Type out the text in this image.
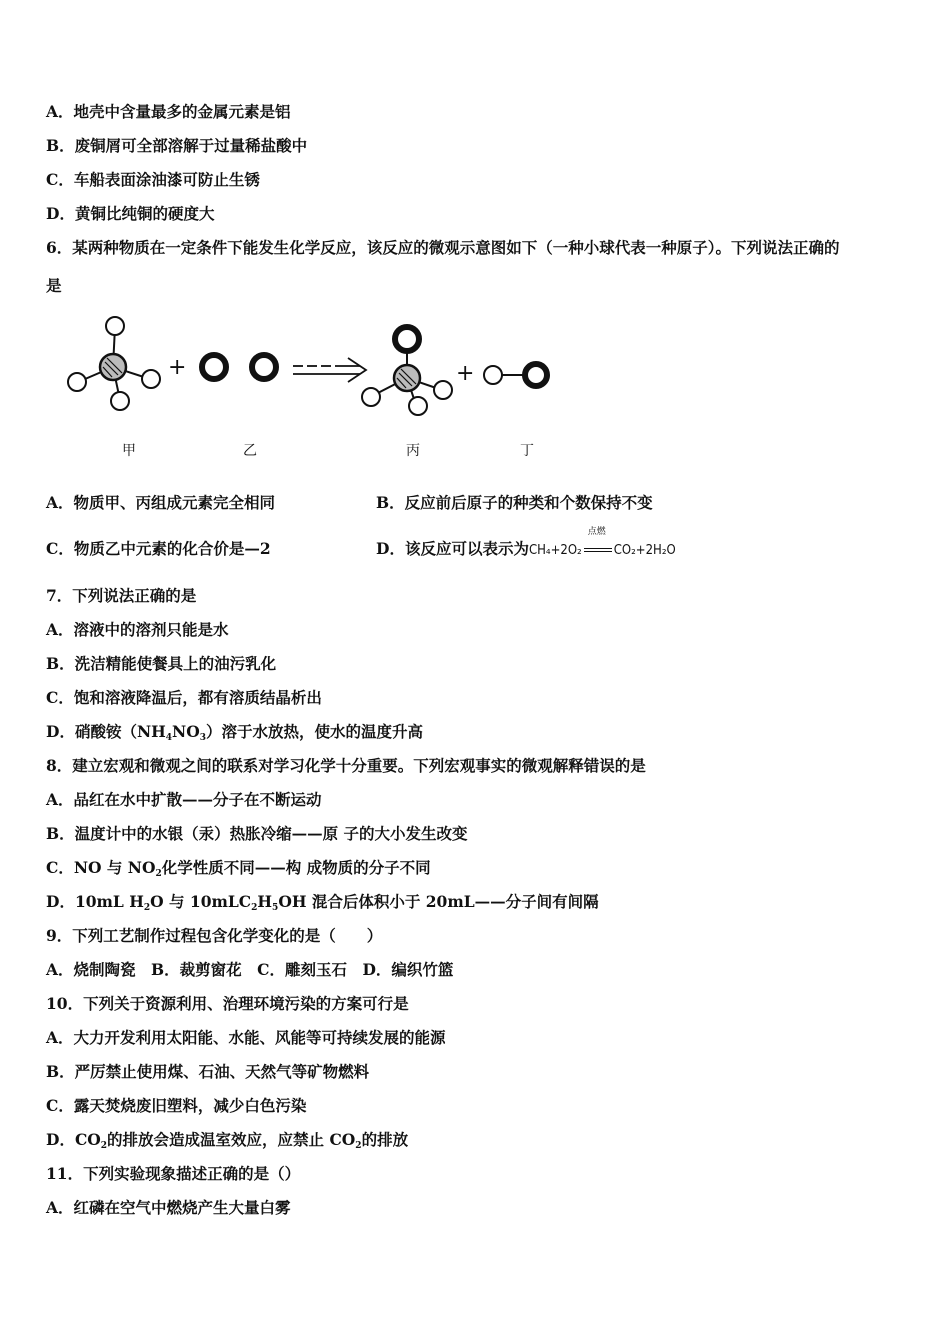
A．地壳中含量最多的金属元素是铝
B．废铜屑可全部溶解于过量稀盐酸中
C．车船表面涂油漆可防止生锈
D．黄铜比纯铜的硬度大
6．某两种物质在一定条件下能发生化学反应，该反应的微观示意图如下（一种小球代表一种原子）。下列说法正确的
是
+	+
甲	乙	丙	丁
A．物质甲、丙组成元素完全相同	B．反应前后原子的种类和个数保持不变
C．物质乙中元素的化合价是—2	D．该反应可以表示为CH₄+2O₂
点燃
CO₂+2H₂O
7．下列说法正确的是
A．溶液中的溶剂只能是水
B．洗洁精能使餐具上的油污乳化
C．饱和溶液降温后，都有溶质结晶析出
D．硝酸铵$(NH_4NO_3)$溶于水放热，使水的温度升高
8．建立宏观和微观之间的联系对学习化学十分重要。下列宏观事实的微观解释错误的是
A．品红在水中扩散——分子在不断运动
B．温度计中的水银（汞）热胀冷缩——原 子的大小发生改变
C．NO 与 $NO_2$化学性质不同——构 成物质的分子不同
D．10mL $H_2O$ 与 $10mLC_2H_5OH$ 混合后体积小于 20mL——分子间有间隔
9．下列工艺制作过程包含化学变化的是（　　）
A．烧制陶瓷　B．裁剪窗花　C．雕刻玉石　D．编织竹篮
10．下列关于资源利用、治理环境污染的方案可行是
A．大力开发利用太阳能、水能、风能等可持续发展的能源
B．严厉禁止使用煤、石油、天然气等矿物燃料
C．露天焚烧废旧塑料，减少白色污染
D．$CO_2$的排放会造成温室效应，应禁止 $CO_2$的排放
11．下列实验现象描述正确的是（）
A．红磷在空气中燃烧产生大量白雾
